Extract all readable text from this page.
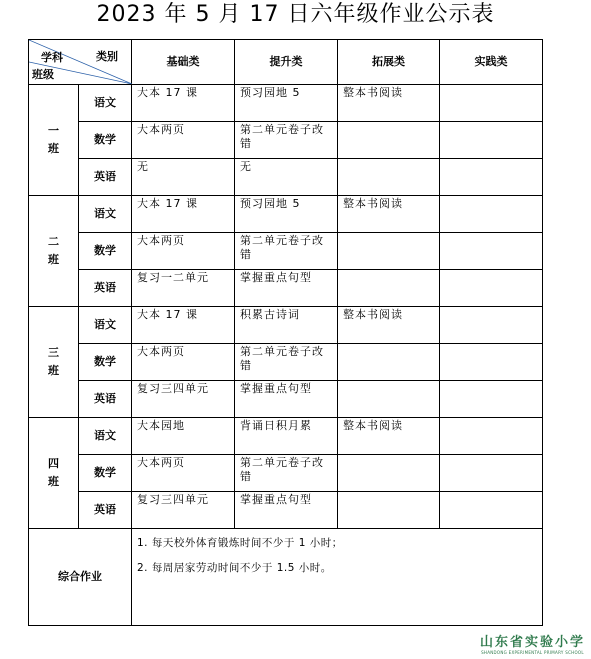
2023 年 5 月 17 日六年级作业公示表
类别
学科
班级		基础类	提升类	拓展类	实践类

一
班	语文	大本 17 课	预习园地 5	整本书阅读	
	数学	大本两页	第二单元卷子改错		
	英语	无	无		

二
班	语文	大本 17 课	预习园地 5	整本书阅读	
	数学	大本两页	第二单元卷子改错		
	英语	复习一二单元	掌握重点句型		

三
班	语文	大本 17 课	积累古诗词	整本书阅读	
	数学	大本两页	第二单元卷子改错		
	英语	复习三四单元	掌握重点句型		

四
班	语文	大本园地	背诵日积月累	整本书阅读	
	数学	大本两页	第二单元卷子改错		
	英语	复习三四单元	掌握重点句型		
综合作业		1. 每天校外体育锻炼时间不少于 1 小时；
2. 每周居家劳动时间不少于 1.5 小时。			
山东省实验小学
SHANDONG EXPERIMENTAL PRIMARY SCHOOL
